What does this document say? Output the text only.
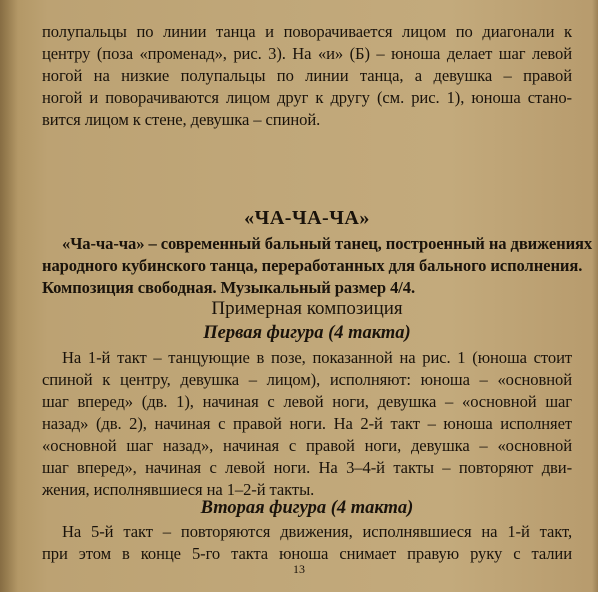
полупальцы по линии танца и поворачивается лицом по диагонали к
центру (поза «променад», рис. 3). На «и» (Б) – юноша делает шаг левой
ногой на низкие полупальцы по линии танца, а девушка – правой
ногой и поворачиваются лицом друг к другу (см. рис. 1), юноша стано-
вится лицом к стене, девушка – спиной.
«ЧА-ЧА-ЧА»
«Ча-ча-ча» – современный бальный танец, построенный на движениях
народного кубинского танца, переработанных для бального исполнения.
Композиция свободная. Музыкальный размер 4/4.
Примерная композиция
Первая фигура (4 такта)
На 1-й такт – танцующие в позе, показанной на рис. 1 (юноша стоит
спиной к центру, девушка – лицом), исполняют: юноша – «основной
шаг вперед» (дв. 1), начиная с левой ноги, девушка – «основной шаг
назад» (дв. 2), начиная с правой ноги. На 2-й такт – юноша исполняет
«основной шаг назад», начиная с правой ноги, девушка – «основной
шаг вперед», начиная с левой ноги. На 3–4-й такты – повторяют дви-
жения, исполнявшиеся на 1–2-й такты.
Вторая фигура (4 такта)
На 5-й такт – повторяются движения, исполнявшиеся на 1-й такт,
при этом в конце 5-го такта юноша снимает правую руку с талии
13
